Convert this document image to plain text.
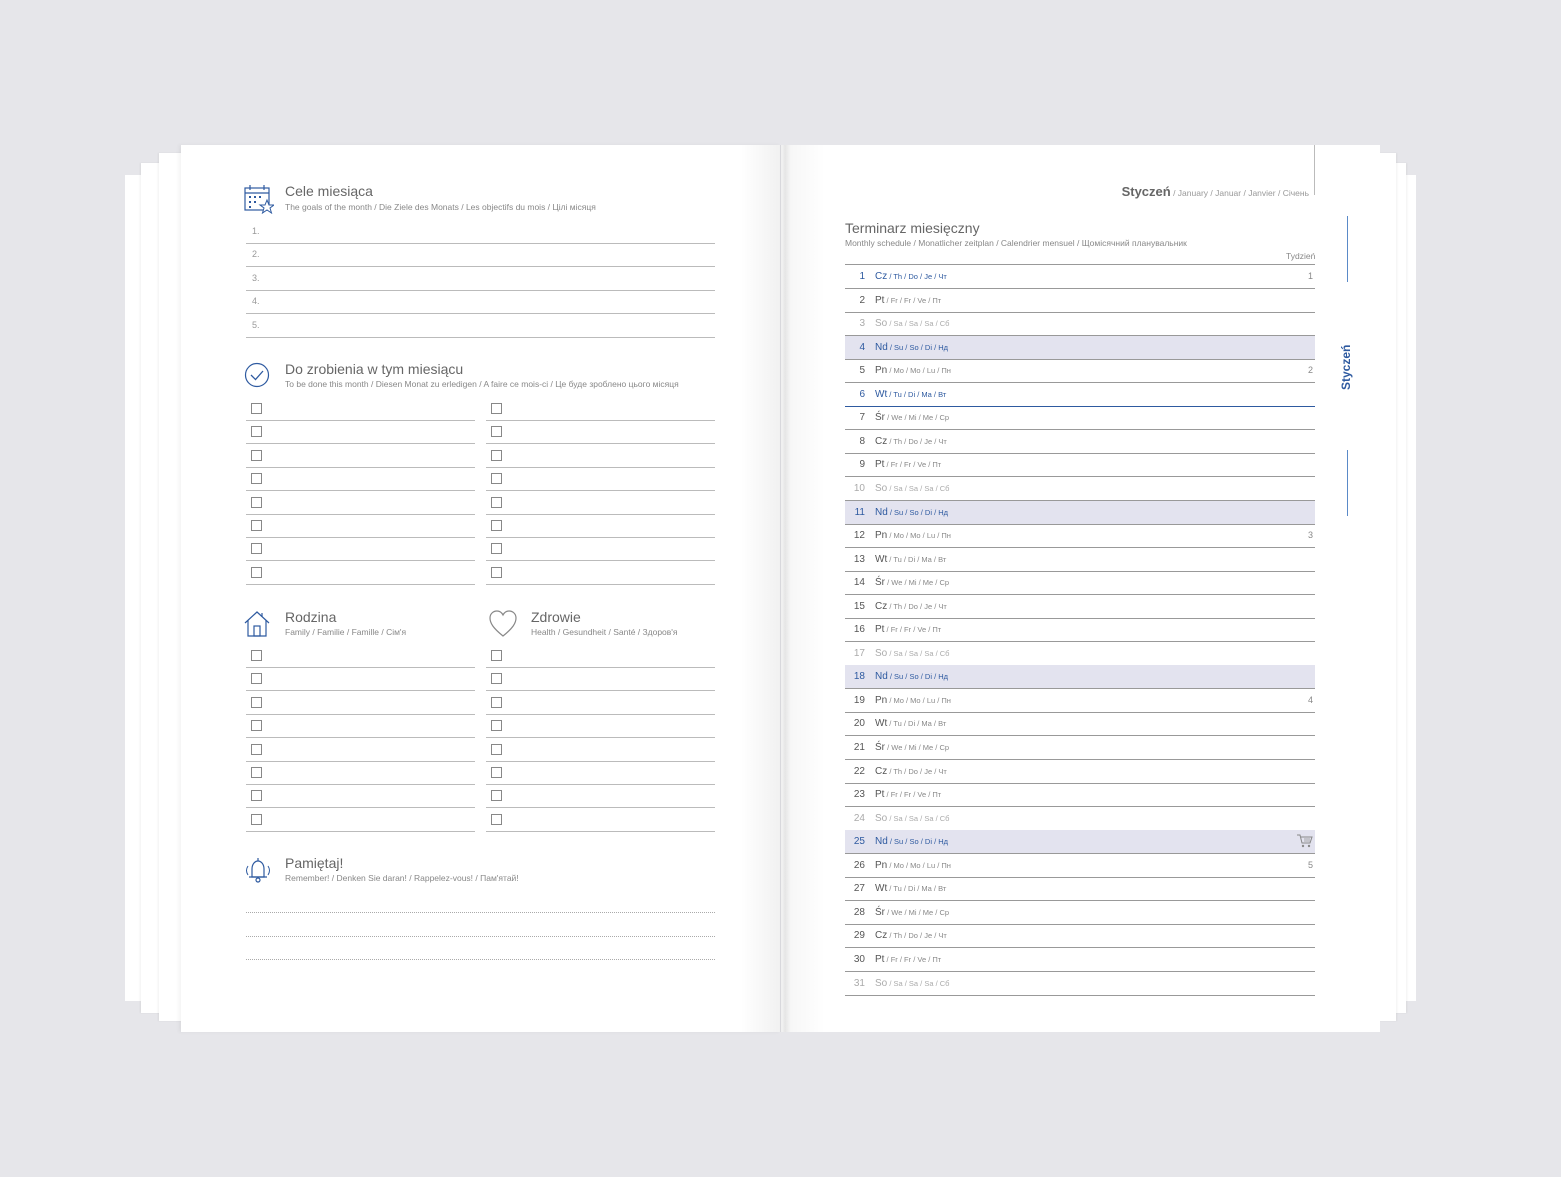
Cele miesiąca
The goals of the month / Die Ziele des Monats / Les objectifs du mois / Цілі місяця
1.
2.
3.
4.
5.
Do zrobienia w tym miesiącu
To be done this month / Diesen Monat zu erledigen / A faire ce mois-ci / Це буде зроблено цього місяця
Rodzina
Family / Familie / Famille / Сім'я
Zdrowie
Health / Gesundheit / Santé / Здоров'я
Pamiętaj!
Remember! / Denken Sie daran! / Rappelez-vous! / Пам'ятай!
Styczeń / January / Januar / Janvier / Січень
Terminarz miesięczny
Monthly schedule / Monatlicher zeitplan / Calendrier mensuel / Щомісячний планувальник
Tydzień
1 Cz / Th / Do / Je / Чт	1
2 Pt / Fr / Fr / Ve / Пт
3 So / Sa / Sa / Sa / Сб
4 Nd / Su / So / Di / Нд
5 Pn / Mo / Mo / Lu / Пн	2
6 Wt / Tu / Di / Ma / Вт
7 Śr / We / Mi / Me / Ср
8 Cz / Th / Do / Je / Чт
9 Pt / Fr / Fr / Ve / Пт
10 So / Sa / Sa / Sa / Сб
11 Nd / Su / So / Di / Нд
12 Pn / Mo / Mo / Lu / Пн	3
13 Wt / Tu / Di / Ma / Вт
14 Śr / We / Mi / Me / Ср
15 Cz / Th / Do / Je / Чт
16 Pt / Fr / Fr / Ve / Пт
17 So / Sa / Sa / Sa / Сб
18 Nd / Su / So / Di / Нд
19 Pn / Mo / Mo / Lu / Пн	4
20 Wt / Tu / Di / Ma / Вт
21 Śr / We / Mi / Me / Ср
22 Cz / Th / Do / Je / Чт
23 Pt / Fr / Fr / Ve / Пт
24 So / Sa / Sa / Sa / Сб
25 Nd / Su / So / Di / Нд
26 Pn / Mo / Mo / Lu / Пн	5
27 Wt / Tu / Di / Ma / Вт
28 Śr / We / Mi / Me / Ср
29 Cz / Th / Do / Je / Чт
30 Pt / Fr / Fr / Ve / Пт
31 So / Sa / Sa / Sa / Сб
Styczeń
